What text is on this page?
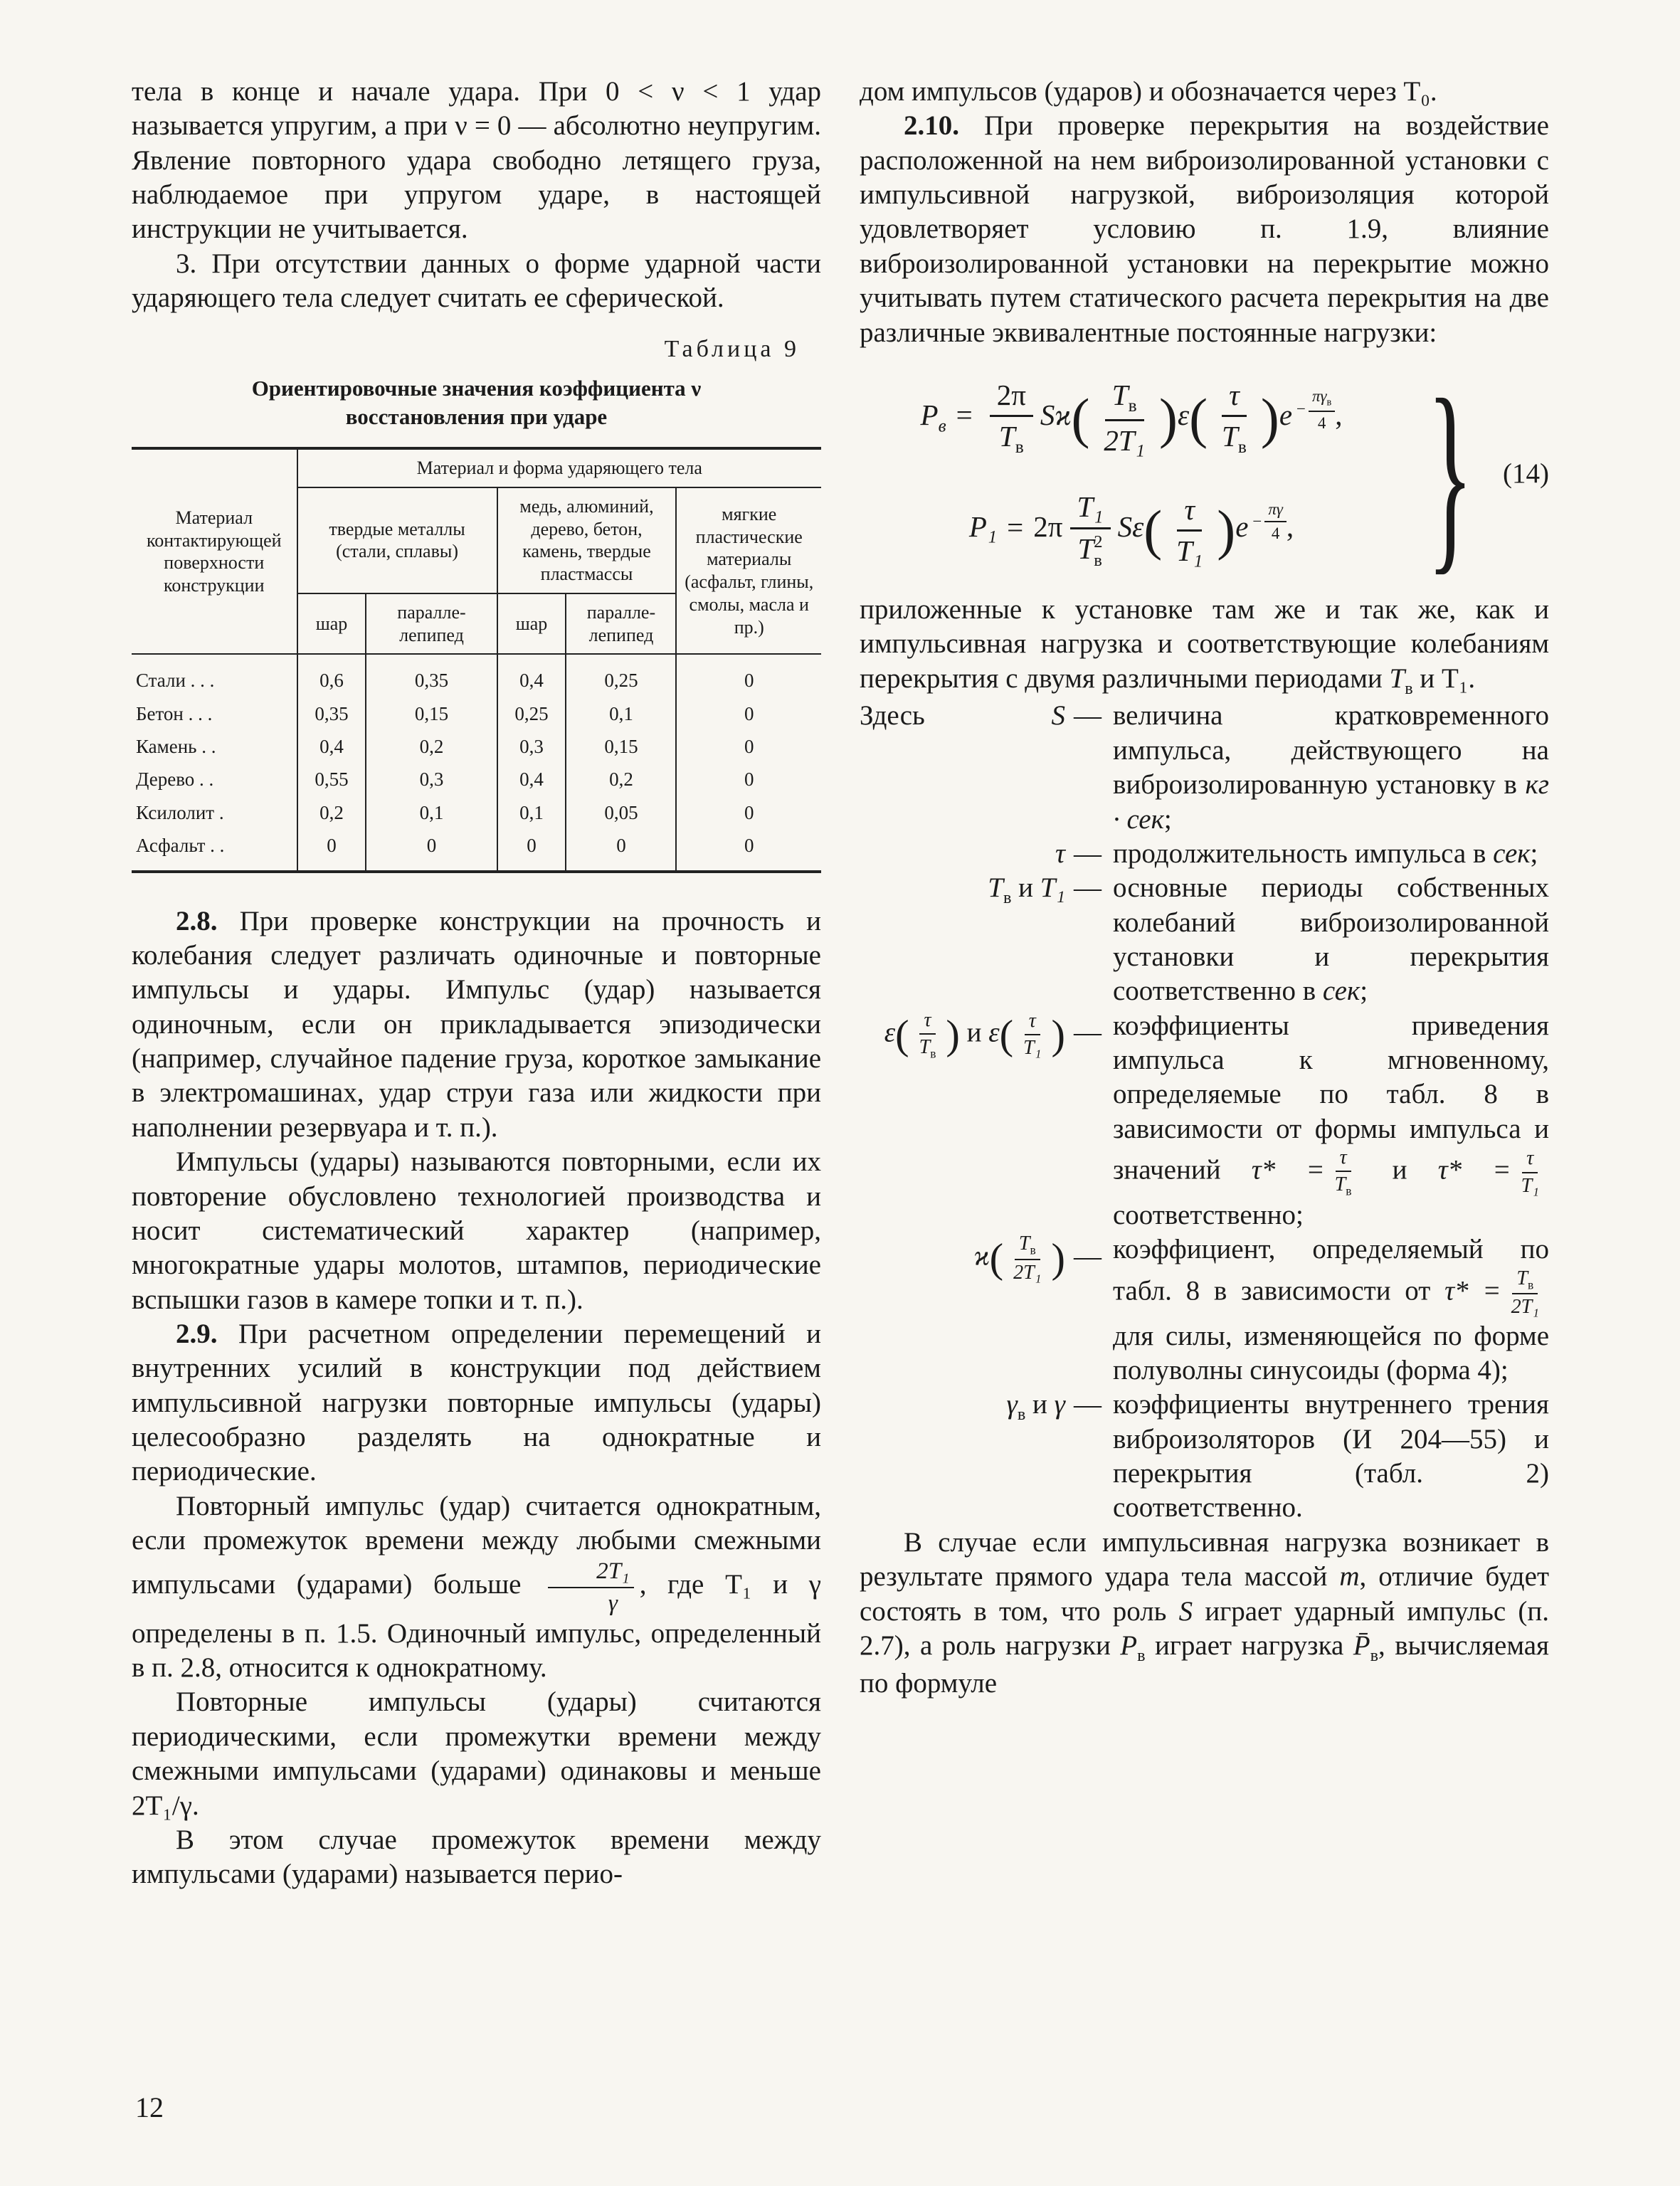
тела в конце и начале удара. При 0 < ν < 1 удар называется упругим, а при ν = 0 — абсолютно неупругим. Явление повторного удара свободно летящего груза, наблюдаемое при упругом ударе, в настоящей инструкции не учитывается.

3. При отсутствии данных о форме ударной части ударяющего тела следует считать ее сферической.

Таблица 9
Ориентировочные значения коэффициента ν
восстановления при ударе
Материал контактирующей поверхности конструкции	Материал и форма ударяющего тела				
	твердые металлы (стали, сплавы)		медь, алюминий, дерево, бетон, камень, твердые пластмассы		мягкие пластические материалы (асфальт, глины, смолы, масла и пр.)
	шар	параллелепипед	шар	параллелепипед	
Стали . . .	0,6	0,35	0,4	0,25	0
Бетон . . .	0,35	0,15	0,25	0,1	0
Камень . .	0,4	0,2	0,3	0,15	0
Дерево . .	0,55	0,3	0,4	0,2	0
Ксилолит .	0,2	0,1	0,1	0,05	0
Асфальт . .	0	0	0	0	0

2.8. При проверке конструкции на прочность и колебания следует различать одиночные и повторные импульсы и удары. Импульс (удар) называется одиночным, если он прикладывается эпизодически (например, случайное падение груза, короткое замыкание в электромашинах, удар струи газа или жидкости при наполнении резервуара и т. п.).

Импульсы (удары) называются повторными, если их повторение обусловлено технологией производства и носит систематический характер (например, многократные удары молотов, штампов, периодические вспышки газов в камере топки и т. п.).

2.9. При расчетном определении перемещений и внутренних усилий в конструкции под действием импульсивной нагрузки повторные импульсы (удары) целесообразно разделять на однократные и периодические.

Повторный импульс (удар) считается однократным, если промежуток времени между любыми смежными импульсами (ударами) больше $\frac{\text{2T₁}}{\gamma}$ , где T₁ и γ определены в п. 1.5. Одиночный импульс, определенный в п. 2.8, относится к однократному.

Повторные импульсы (удары) считаются периодическими, если промежутки времени между смежными импульсами (ударами) одинаковы и меньше 2T₁/γ.

В этом случае промежуток времени между импульсами (ударами) называется перио-

дом импульсов (ударов) и обозначается через T₀.

2.10. При проверке перекрытия на воздействие расположенной на нем виброизолированной установки с импульсивной нагрузкой, виброизоляция которой удовлетворяет условию п. 1.9, влияние виброизолированной установки на перекрытие можно учитывать путем статического расчета перекрытия на две различные эквивалентные постоянные нагрузки:

$P_в = \frac{2\pi}{T_в} Sϰ( \frac{T_в}{\text{2T₁}} )\varepsilon( \frac{\tau}{T_в} )e - \frac{\pi\gamma_в}{4}$ ,
P₁ = 2π T₁
T 2
в $S\varepsilon( \frac{\tau}{\text{T₁}} )e - \frac{\pi\gamma}{4}$ , } (14)

приложенные к установке там же и так же, как и импульсивная нагрузка и соответствующие колебаниям перекрытия с двумя различными периодами $T_в$ и T₁.

Здесь	S — величина кратковременного импульса, действующего на виброизолированную установку в кг · сек;
τ — продолжительность импульса в сек;
$T_в$ и T₁ — основные периоды собственных колебаний виброизолированной установки и перекрытия соответственно в сек;
$\varepsilon( \frac{\tau}{T_в}$ ) и $\varepsilon( \frac{\tau}{\text{T₁}}$ ) — коэффициенты приведения импульса к мгновенному, определяемые по табл. 8 в зависимости от формы импульса и значений $\tau* = \frac{\tau}{T_в}$ и $\tau* = \frac{\tau}{\text{T₁}}$
соответственно;
$ϰ( \frac{T_в}{\text{2T₁}}$ ) — коэффициент, определяемый по табл. 8 в зависимости от $\tau* = \frac{T_в}{\text{2T₁}}$
для силы, изменяющейся по форме полуволны синусоиды (форма 4);
$\gamma_в$ и γ — коэффициенты внутреннего трения виброизоляторов (И 204—55) и перекрытия (табл. 2) соответственно.

В случае если импульсивная нагрузка возникает в результате прямого удара тела массой m, отличие будет состоять в том, что роль S играет ударный импульс (п. 2.7), а роль нагрузки $P_в$ играет нагрузка $P̄_в$, вычисляемая по формуле

12
